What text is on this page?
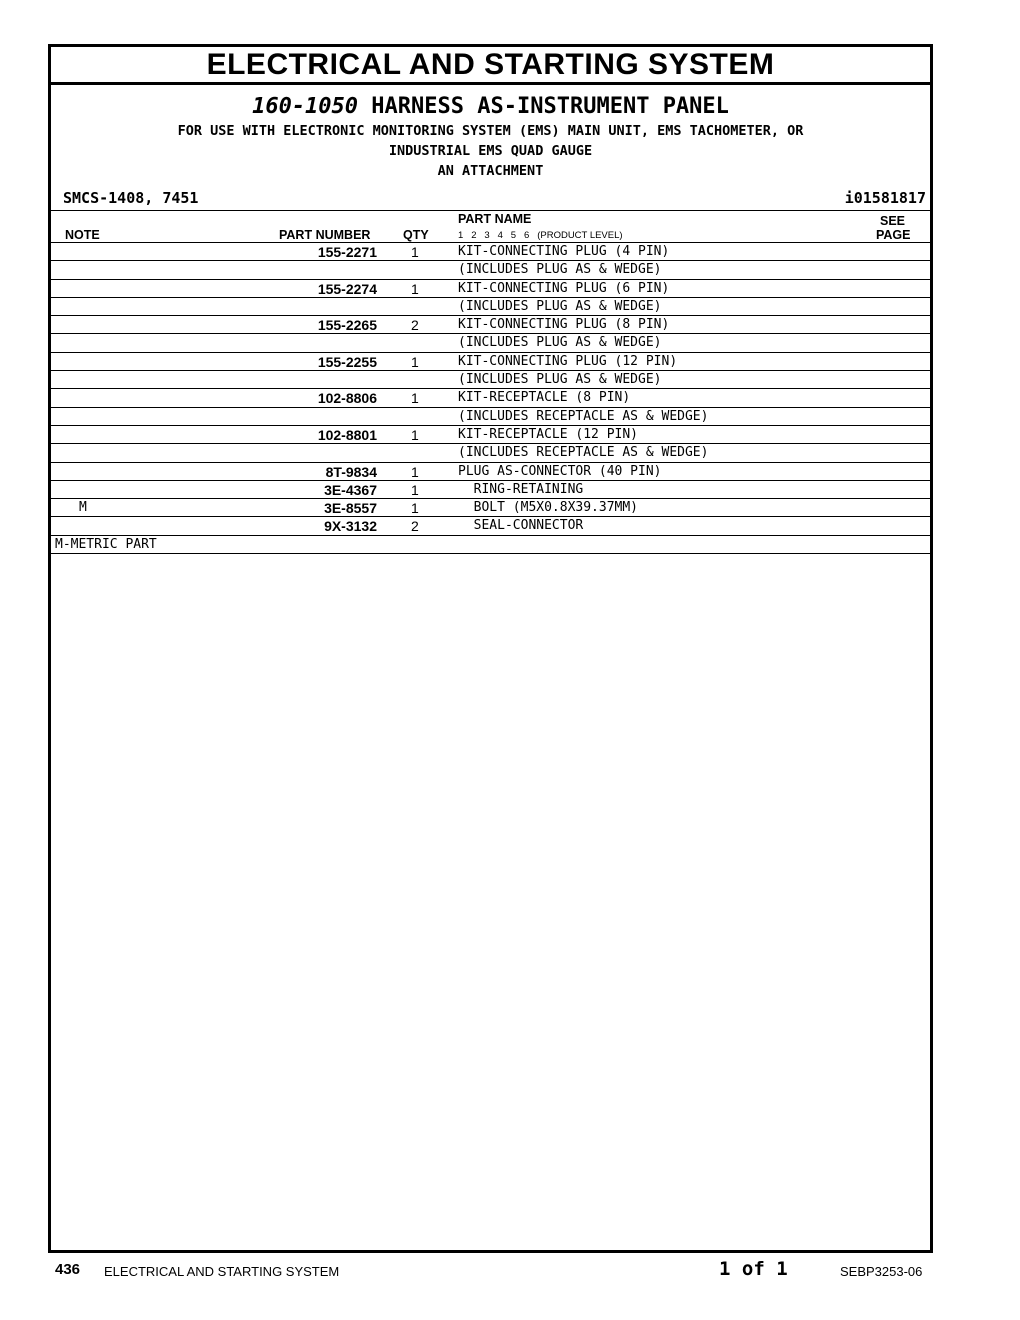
ELECTRICAL AND STARTING SYSTEM
160-1050 HARNESS AS-INSTRUMENT PANEL
FOR USE WITH ELECTRONIC MONITORING SYSTEM (EMS) MAIN UNIT, EMS TACHOMETER, OR
INDUSTRIAL EMS QUAD GAUGE
AN ATTACHMENT
SMCS-1408, 7451	i01581817
NOTE	PART NUMBER	QTY
PART NAME
1   2   3   4   5   6   (PRODUCT LEVEL)
SEE
PAGE
155-2271 1	KIT-CONNECTING PLUG (4 PIN)
(INCLUDES PLUG AS & WEDGE)
155-2274 1	KIT-CONNECTING PLUG (6 PIN)
(INCLUDES PLUG AS & WEDGE)
155-2265 2	KIT-CONNECTING PLUG (8 PIN)
(INCLUDES PLUG AS & WEDGE)
155-2255 1	KIT-CONNECTING PLUG (12 PIN)
(INCLUDES PLUG AS & WEDGE)
102-8806 1	KIT-RECEPTACLE (8 PIN)
(INCLUDES RECEPTACLE AS & WEDGE)
102-8801 1	KIT-RECEPTACLE (12 PIN)
(INCLUDES RECEPTACLE AS & WEDGE)
8T-9834 1	PLUG AS-CONNECTOR (40 PIN)
3E-4367 1	RING-RETAINING
M	3E-8557 1	BOLT (M5X0.8X39.37MM)
9X-3132 2	SEAL-CONNECTOR
M-METRIC PART
436 ELECTRICAL AND STARTING SYSTEM	1 of 1	SEBP3253-06
